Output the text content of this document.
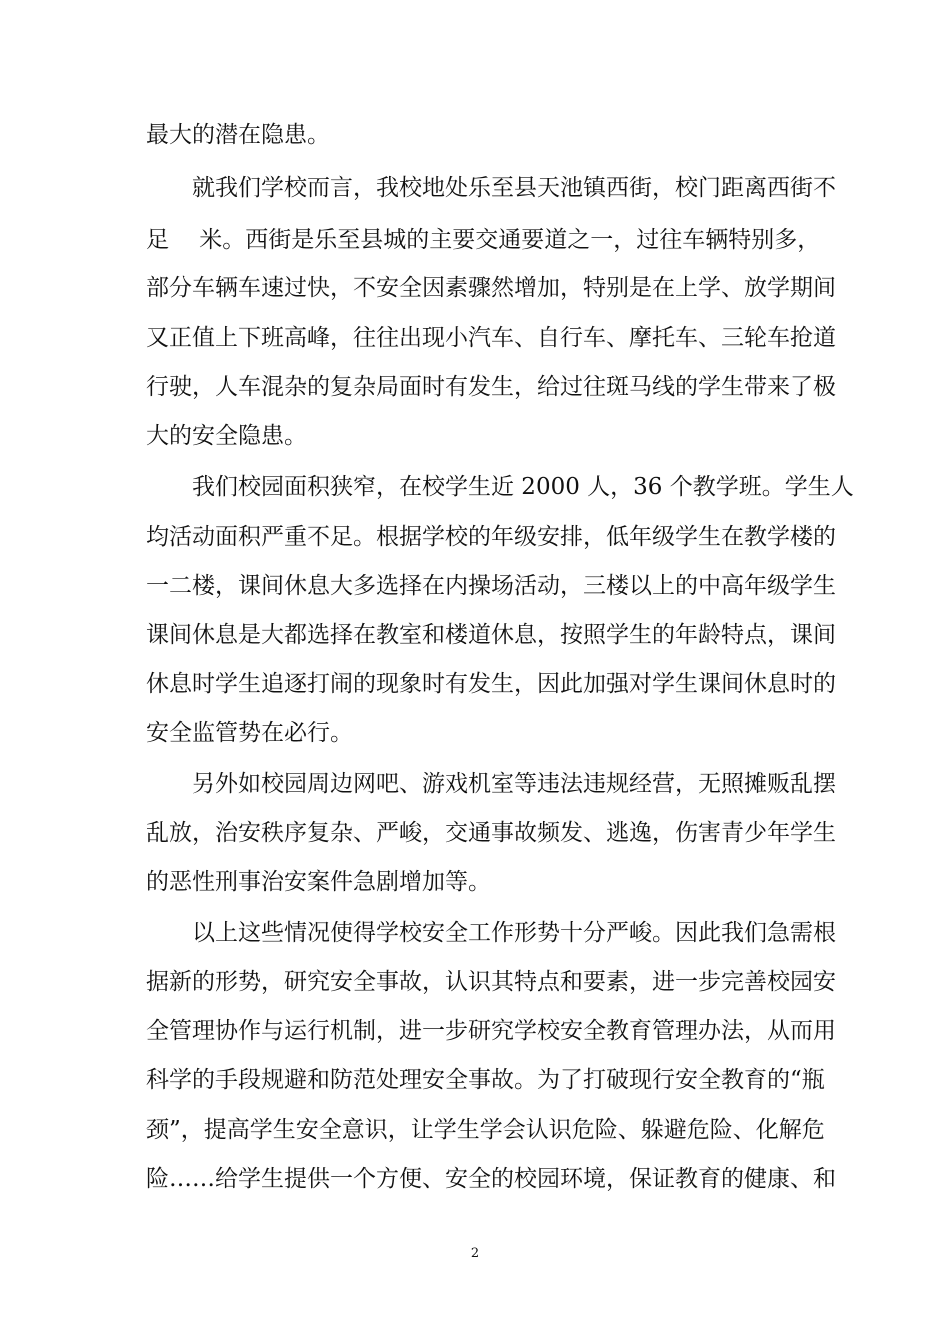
最大的潜在隐患。
就我们学校而言，我校地处乐至县天池镇西街，校门距离西街不
足　 米。西街是乐至县城的主要交通要道之一，过往车辆特别多，
部分车辆车速过快，不安全因素骤然增加，特别是在上学、放学期间
又正值上下班高峰，往往出现小汽车、自行车、摩托车、三轮车抢道
行驶，人车混杂的复杂局面时有发生，给过往斑马线的学生带来了极
大的安全隐患。
我们校园面积狭窄，在校学生近 2000 人，36 个教学班。学生人
均活动面积严重不足。根据学校的年级安排，低年级学生在教学楼的
一二楼，课间休息大多选择在内操场活动，三楼以上的中高年级学生
课间休息是大都选择在教室和楼道休息，按照学生的年龄特点，课间
休息时学生追逐打闹的现象时有发生，因此加强对学生课间休息时的
安全监管势在必行。
另外如校园周边网吧、游戏机室等违法违规经营，无照摊贩乱摆
乱放，治安秩序复杂、严峻，交通事故频发、逃逸，伤害青少年学生
的恶性刑事治安案件急剧增加等。
以上这些情况使得学校安全工作形势十分严峻。因此我们急需根
据新的形势，研究安全事故，认识其特点和要素，进一步完善校园安
全管理协作与运行机制，进一步研究学校安全教育管理办法，从而用
科学的手段规避和防范处理安全事故。为了打破现行安全教育的“瓶
颈”，提高学生安全意识，让学生学会认识危险、躲避危险、化解危
险……给学生提供一个方便、安全的校园环境，保证教育的健康、和
2
